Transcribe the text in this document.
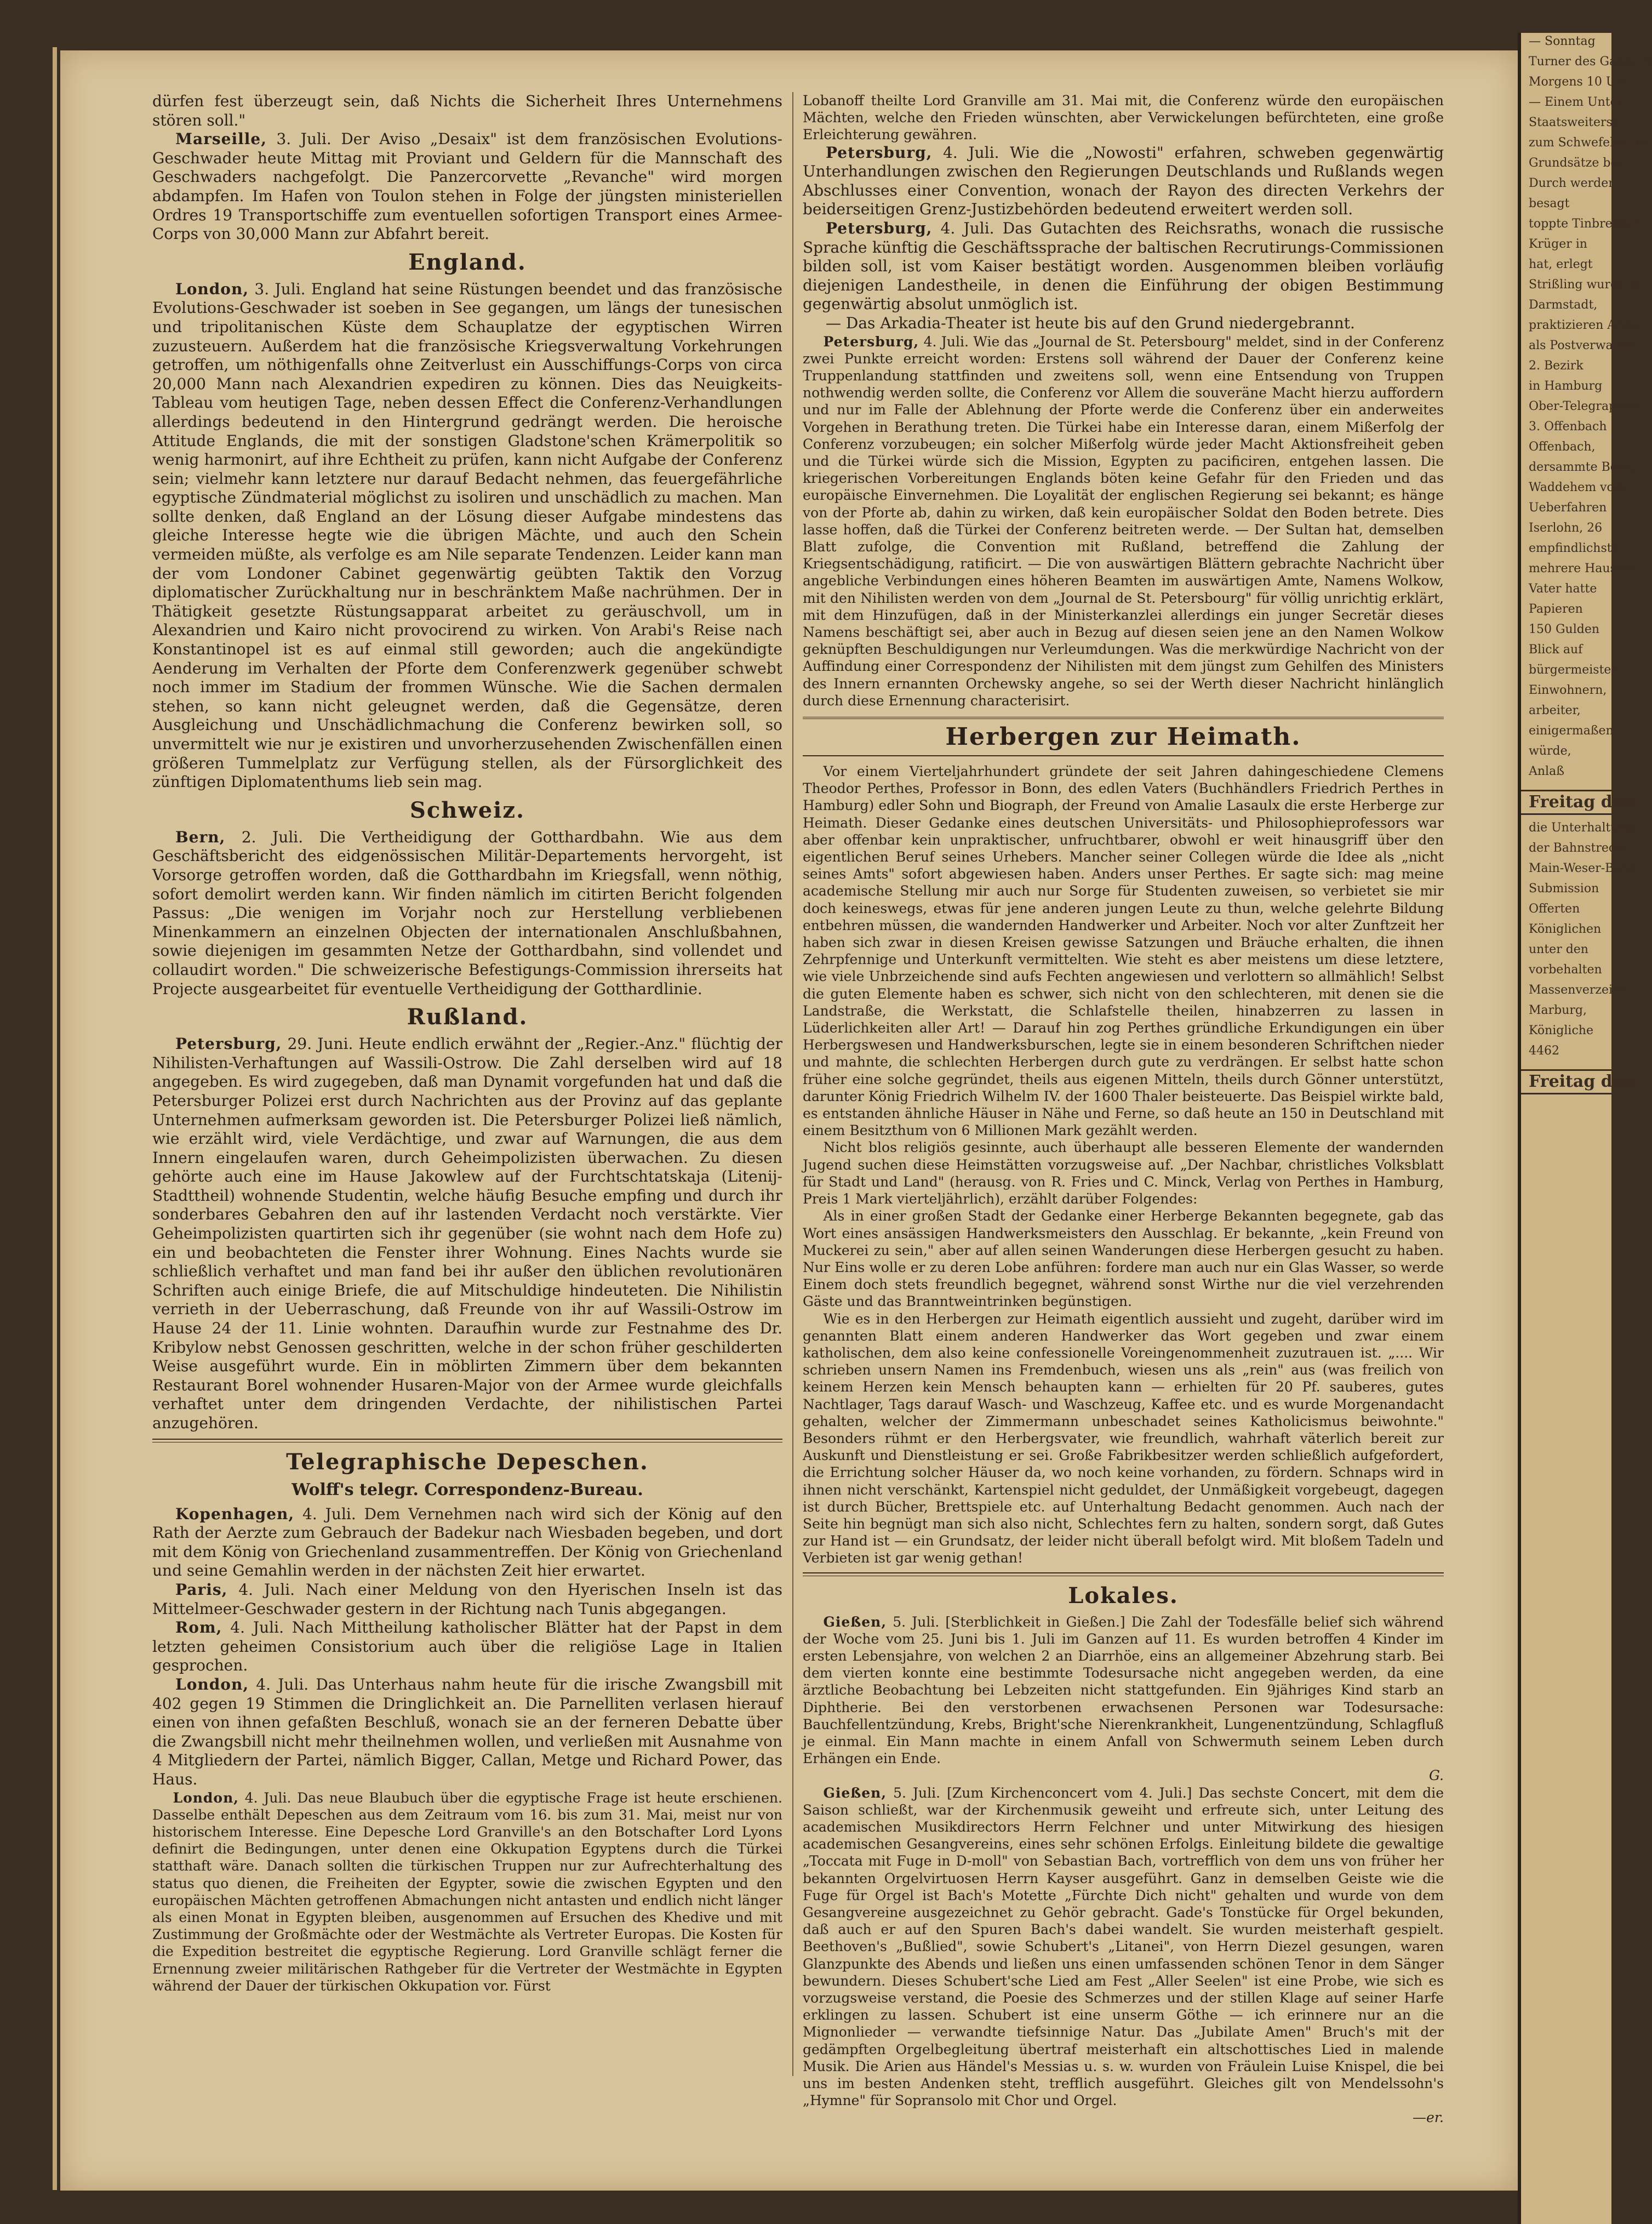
dürfen fest überzeugt sein, daß Nichts die Sicherheit Ihres Unternehmens stören soll."

Marseille, 3. Juli. Der Aviso „Desaix" ist dem französischen Evolutions-Geschwader heute Mittag mit Proviant und Geldern für die Mannschaft des Geschwaders nachgefolgt. Die Panzercorvette „Revanche" wird morgen abdampfen. Im Hafen von Toulon stehen in Folge der jüngsten ministeriellen Ordres 19 Transportschiffe zum eventuellen sofortigen Transport eines Armee-Corps von 30,000 Mann zur Abfahrt bereit.

England.

London, 3. Juli. England hat seine Rüstungen beendet und das französische Evolutions-Geschwader ist soeben in See gegangen, um längs der tunesischen und tripolitanischen Küste dem Schauplatze der egyptischen Wirren zuzusteuern. Außerdem hat die französische Kriegsverwaltung Vorkehrungen getroffen, um nöthigenfalls ohne Zeitverlust ein Ausschiffungs-Corps von circa 20,000 Mann nach Alexandrien expediren zu können. Dies das Neuigkeits-Tableau vom heutigen Tage, neben dessen Effect die Conferenz-Verhandlungen allerdings bedeutend in den Hintergrund gedrängt werden. Die heroische Attitude Englands, die mit der sonstigen Gladstone'schen Krämerpolitik so wenig harmonirt, auf ihre Echtheit zu prüfen, kann nicht Aufgabe der Conferenz sein; vielmehr kann letztere nur darauf Bedacht nehmen, das feuergefährliche egyptische Zündmaterial möglichst zu isoliren und unschädlich zu machen. Man sollte denken, daß England an der Lösung dieser Aufgabe mindestens das gleiche Interesse hegte wie die übrigen Mächte, und auch den Schein vermeiden müßte, als verfolge es am Nile separate Tendenzen. Leider kann man der vom Londoner Cabinet gegenwärtig geübten Taktik den Vorzug diplomatischer Zurückhaltung nur in beschränktem Maße nachrühmen. Der in Thätigkeit gesetzte Rüstungsapparat arbeitet zu geräuschvoll, um in Alexandrien und Kairo nicht provocirend zu wirken. Von Arabi's Reise nach Konstantinopel ist es auf einmal still geworden; auch die angekündigte Aenderung im Verhalten der Pforte dem Conferenzwerk gegenüber schwebt noch immer im Stadium der frommen Wünsche. Wie die Sachen dermalen stehen, so kann nicht geleugnet werden, daß die Gegensätze, deren Ausgleichung und Unschädlichmachung die Conferenz bewirken soll, so unvermittelt wie nur je existiren und unvorherzusehenden Zwischenfällen einen größeren Tummelplatz zur Verfügung stellen, als der Fürsorglichkeit des zünftigen Diplomatenthums lieb sein mag.

Schweiz.

Bern, 2. Juli. Die Vertheidigung der Gotthardbahn. Wie aus dem Geschäftsbericht des eidgenössischen Militär-Departements hervorgeht, ist Vorsorge getroffen worden, daß die Gotthardbahn im Kriegsfall, wenn nöthig, sofort demolirt werden kann. Wir finden nämlich im citirten Bericht folgenden Passus: „Die wenigen im Vorjahr noch zur Herstellung verbliebenen Minenkammern an einzelnen Objecten der internationalen Anschlußbahnen, sowie diejenigen im gesammten Netze der Gotthardbahn, sind vollendet und collaudirt worden." Die schweizerische Befestigungs-Commission ihrerseits hat Projecte ausgearbeitet für eventuelle Vertheidigung der Gotthardlinie.

Rußland.

Petersburg, 29. Juni. Heute endlich erwähnt der „Regier.-Anz." flüchtig der Nihilisten-Verhaftungen auf Wassili-Ostrow. Die Zahl derselben wird auf 18 angegeben. Es wird zugegeben, daß man Dynamit vorgefunden hat und daß die Petersburger Polizei erst durch Nachrichten aus der Provinz auf das geplante Unternehmen aufmerksam geworden ist. Die Petersburger Polizei ließ nämlich, wie erzählt wird, viele Verdächtige, und zwar auf Warnungen, die aus dem Innern eingelaufen waren, durch Geheimpolizisten überwachen. Zu diesen gehörte auch eine im Hause Jakowlew auf der Furchtschtatskaja (Litenij-Stadttheil) wohnende Studentin, welche häufig Besuche empfing und durch ihr sonderbares Gebahren den auf ihr lastenden Verdacht noch verstärkte. Vier Geheimpolizisten quartirten sich ihr gegenüber (sie wohnt nach dem Hofe zu) ein und beobachteten die Fenster ihrer Wohnung. Eines Nachts wurde sie schließlich verhaftet und man fand bei ihr außer den üblichen revolutionären Schriften auch einige Briefe, die auf Mitschuldige hindeuteten. Die Nihilistin verrieth in der Ueberraschung, daß Freunde von ihr auf Wassili-Ostrow im Hause 24 der 11. Linie wohnten. Daraufhin wurde zur Festnahme des Dr. Kribylow nebst Genossen geschritten, welche in der schon früher geschilderten Weise ausgeführt wurde. Ein in möblirten Zimmern über dem bekannten Restaurant Borel wohnender Husaren-Major von der Armee wurde gleichfalls verhaftet unter dem dringenden Verdachte, der nihilistischen Partei anzugehören.

Telegraphische Depeschen.
Wolff's telegr. Correspondenz-Bureau.

Kopenhagen, 4. Juli. Dem Vernehmen nach wird sich der König auf den Rath der Aerzte zum Gebrauch der Badekur nach Wiesbaden begeben, und dort mit dem König von Griechenland zusammentreffen. Der König von Griechenland und seine Gemahlin werden in der nächsten Zeit hier erwartet.

Paris, 4. Juli. Nach einer Meldung von den Hyerischen Inseln ist das Mittelmeer-Geschwader gestern in der Richtung nach Tunis abgegangen.

Rom, 4. Juli. Nach Mittheilung katholischer Blätter hat der Papst in dem letzten geheimen Consistorium auch über die religiöse Lage in Italien gesprochen.

London, 4. Juli. Das Unterhaus nahm heute für die irische Zwangsbill mit 402 gegen 19 Stimmen die Dringlichkeit an. Die Parnelliten verlasen hierauf einen von ihnen gefaßten Beschluß, wonach sie an der ferneren Debatte über die Zwangsbill nicht mehr theilnehmen wollen, und verließen mit Ausnahme von 4 Mitgliedern der Partei, nämlich Bigger, Callan, Metge und Richard Power, das Haus.

London, 4. Juli. Das neue Blaubuch über die egyptische Frage ist heute erschienen. Dasselbe enthält Depeschen aus dem Zeitraum vom 16. bis zum 31. Mai, meist nur von historischem Interesse. Eine Depesche Lord Granville's an den Botschafter Lord Lyons definirt die Bedingungen, unter denen eine Okkupation Egyptens durch die Türkei statthaft wäre. Danach sollten die türkischen Truppen nur zur Aufrechterhaltung des status quo dienen, die Freiheiten der Egypter, sowie die zwischen Egypten und den europäischen Mächten getroffenen Abmachungen nicht antasten und endlich nicht länger als einen Monat in Egypten bleiben, ausgenommen auf Ersuchen des Khedive und mit Zustimmung der Großmächte oder der Westmächte als Vertreter Europas. Die Kosten für die Expedition bestreitet die egyptische Regierung. Lord Granville schlägt ferner die Ernennung zweier militärischen Rathgeber für die Vertreter der Westmächte in Egypten während der Dauer der türkischen Okkupation vor. Fürst

Lobanoff theilte Lord Granville am 31. Mai mit, die Conferenz würde den europäischen Mächten, welche den Frieden wünschten, aber Verwickelungen befürchteten, eine große Erleichterung gewähren.

Petersburg, 4. Juli. Wie die „Nowosti" erfahren, schweben gegenwärtig Unterhandlungen zwischen den Regierungen Deutschlands und Rußlands wegen Abschlusses einer Convention, wonach der Rayon des directen Verkehrs der beiderseitigen Grenz-Justizbehörden bedeutend erweitert werden soll.

Petersburg, 4. Juli. Das Gutachten des Reichsraths, wonach die russische Sprache künftig die Geschäftssprache der baltischen Recrutirungs-Commissionen bilden soll, ist vom Kaiser bestätigt worden. Ausgenommen bleiben vorläufig diejenigen Landestheile, in denen die Einführung der obigen Bestimmung gegenwärtig absolut unmöglich ist.

— Das Arkadia-Theater ist heute bis auf den Grund niedergebrannt.

Petersburg, 4. Juli. Wie das „Journal de St. Petersbourg" meldet, sind in der Conferenz zwei Punkte erreicht worden: Erstens soll während der Dauer der Conferenz keine Truppenlandung stattfinden und zweitens soll, wenn eine Entsendung von Truppen nothwendig werden sollte, die Conferenz vor Allem die souveräne Macht hierzu auffordern und nur im Falle der Ablehnung der Pforte werde die Conferenz über ein anderweites Vorgehen in Berathung treten. Die Türkei habe ein Interesse daran, einem Mißerfolg der Conferenz vorzubeugen; ein solcher Mißerfolg würde jeder Macht Aktionsfreiheit geben und die Türkei würde sich die Mission, Egypten zu pacificiren, entgehen lassen. Die kriegerischen Vorbereitungen Englands böten keine Gefahr für den Frieden und das europäische Einvernehmen. Die Loyalität der englischen Regierung sei bekannt; es hänge von der Pforte ab, dahin zu wirken, daß kein europäischer Soldat den Boden betrete. Dies lasse hoffen, daß die Türkei der Conferenz beitreten werde. — Der Sultan hat, demselben Blatt zufolge, die Convention mit Rußland, betreffend die Zahlung der Kriegsentschädigung, ratificirt. — Die von auswärtigen Blättern gebrachte Nachricht über angebliche Verbindungen eines höheren Beamten im auswärtigen Amte, Namens Wolkow, mit den Nihilisten werden von dem „Journal de St. Petersbourg" für völlig unrichtig erklärt, mit dem Hinzufügen, daß in der Ministerkanzlei allerdings ein junger Secretär dieses Namens beschäftigt sei, aber auch in Bezug auf diesen seien jene an den Namen Wolkow geknüpften Beschuldigungen nur Verleumdungen. Was die merkwürdige Nachricht von der Auffindung einer Correspondenz der Nihilisten mit dem jüngst zum Gehilfen des Ministers des Innern ernannten Orchewsky angehe, so sei der Werth dieser Nachricht hinlänglich durch diese Ernennung characterisirt.

Herbergen zur Heimath.

Vor einem Vierteljahrhundert gründete der seit Jahren dahingeschiedene Clemens Theodor Perthes, Professor in Bonn, des edlen Vaters (Buchhändlers Friedrich Perthes in Hamburg) edler Sohn und Biograph, der Freund von Amalie Lasaulx die erste Herberge zur Heimath. Dieser Gedanke eines deutschen Universitäts- und Philosophieprofessors war aber offenbar kein unpraktischer, unfruchtbarer, obwohl er weit hinausgriff über den eigentlichen Beruf seines Urhebers. Mancher seiner Collegen würde die Idee als „nicht seines Amts" sofort abgewiesen haben. Anders unser Perthes. Er sagte sich: mag meine academische Stellung mir auch nur Sorge für Studenten zuweisen, so verbietet sie mir doch keineswegs, etwas für jene anderen jungen Leute zu thun, welche gelehrte Bildung entbehren müssen, die wandernden Handwerker und Arbeiter. Noch vor alter Zunftzeit her haben sich zwar in diesen Kreisen gewisse Satzungen und Bräuche erhalten, die ihnen Zehrpfennige und Unterkunft vermittelten. Wie steht es aber meistens um diese letztere, wie viele Unbrzeichende sind aufs Fechten angewiesen und verlottern so allmählich! Selbst die guten Elemente haben es schwer, sich nicht von den schlechteren, mit denen sie die Landstraße, die Werkstatt, die Schlafstelle theilen, hinabzerren zu lassen in Lüderlichkeiten aller Art! — Darauf hin zog Perthes gründliche Erkundigungen ein über Herbergswesen und Handwerksburschen, legte sie in einem besonderen Schriftchen nieder und mahnte, die schlechten Herbergen durch gute zu verdrängen. Er selbst hatte schon früher eine solche gegründet, theils aus eigenen Mitteln, theils durch Gönner unterstützt, darunter König Friedrich Wilhelm IV. der 1600 Thaler beisteuerte. Das Beispiel wirkte bald, es entstanden ähnliche Häuser in Nähe und Ferne, so daß heute an 150 in Deutschland mit einem Besitzthum von 6 Millionen Mark gezählt werden.

Nicht blos religiös gesinnte, auch überhaupt alle besseren Elemente der wandernden Jugend suchen diese Heimstätten vorzugsweise auf. „Der Nachbar, christliches Volksblatt für Stadt und Land" (herausg. von R. Fries und C. Minck, Verlag von Perthes in Hamburg, Preis 1 Mark vierteljährlich), erzählt darüber Folgendes:

Als in einer großen Stadt der Gedanke einer Herberge Bekannten begegnete, gab das Wort eines ansässigen Handwerksmeisters den Ausschlag. Er bekannte, „kein Freund von Muckerei zu sein," aber auf allen seinen Wanderungen diese Herbergen gesucht zu haben. Nur Eins wolle er zu deren Lobe anführen: fordere man auch nur ein Glas Wasser, so werde Einem doch stets freundlich begegnet, während sonst Wirthe nur die viel verzehrenden Gäste und das Branntweintrinken begünstigen.

Wie es in den Herbergen zur Heimath eigentlich aussieht und zugeht, darüber wird im genannten Blatt einem anderen Handwerker das Wort gegeben und zwar einem katholischen, dem also keine confessionelle Voreingenommenheit zuzutrauen ist. „.... Wir schrieben unsern Namen ins Fremdenbuch, wiesen uns als „rein" aus (was freilich von keinem Herzen kein Mensch behaupten kann — erhielten für 20 Pf. sauberes, gutes Nachtlager, Tags darauf Wasch- und Waschzeug, Kaffee etc. und es wurde Morgenandacht gehalten, welcher der Zimmermann unbeschadet seines Katholicismus beiwohnte." Besonders rühmt er den Herbergsvater, wie freundlich, wahrhaft väterlich bereit zur Auskunft und Dienstleistung er sei. Große Fabrikbesitzer werden schließlich aufgefordert, die Errichtung solcher Häuser da, wo noch keine vorhanden, zu fördern. Schnaps wird in ihnen nicht verschänkt, Kartenspiel nicht geduldet, der Unmäßigkeit vorgebeugt, dagegen ist durch Bücher, Brettspiele etc. auf Unterhaltung Bedacht genommen. Auch nach der Seite hin begnügt man sich also nicht, Schlechtes fern zu halten, sondern sorgt, daß Gutes zur Hand ist — ein Grundsatz, der leider nicht überall befolgt wird. Mit bloßem Tadeln und Verbieten ist gar wenig gethan!

Lokales.

Gießen, 5. Juli. [Sterblichkeit in Gießen.] Die Zahl der Todesfälle belief sich während der Woche vom 25. Juni bis 1. Juli im Ganzen auf 11. Es wurden betroffen 4 Kinder im ersten Lebensjahre, von welchen 2 an Diarrhöe, eins an allgemeiner Abzehrung starb. Bei dem vierten konnte eine bestimmte Todesursache nicht angegeben werden, da eine ärztliche Beobachtung bei Lebzeiten nicht stattgefunden. Ein 9jähriges Kind starb an Diphtherie. Bei den verstorbenen erwachsenen Personen war Todesursache: Bauchfellentzündung, Krebs, Bright'sche Nierenkrankheit, Lungenentzündung, Schlagfluß je einmal. Ein Mann machte in einem Anfall von Schwermuth seinem Leben durch Erhängen ein Ende.

G.

Gießen, 5. Juli. [Zum Kirchenconcert vom 4. Juli.] Das sechste Concert, mit dem die Saison schließt, war der Kirchenmusik geweiht und erfreute sich, unter Leitung des academischen Musikdirectors Herrn Felchner und unter Mitwirkung des hiesigen academischen Gesangvereins, eines sehr schönen Erfolgs. Einleitung bildete die gewaltige „Toccata mit Fuge in D-moll" von Sebastian Bach, vortrefflich von dem uns von früher her bekannten Orgelvirtuosen Herrn Kayser ausgeführt. Ganz in demselben Geiste wie die Fuge für Orgel ist Bach's Motette „Fürchte Dich nicht" gehalten und wurde von dem Gesangvereine ausgezeichnet zu Gehör gebracht. Gade's Tonstücke für Orgel bekunden, daß auch er auf den Spuren Bach's dabei wandelt. Sie wurden meisterhaft gespielt. Beethoven's „Bußlied", sowie Schubert's „Litanei", von Herrn Diezel gesungen, waren Glanzpunkte des Abends und ließen uns einen umfassenden schönen Tenor in dem Sänger bewundern. Dieses Schubert'sche Lied am Fest „Aller Seelen" ist eine Probe, wie sich es vorzugsweise verstand, die Poesie des Schmerzes und der stillen Klage auf seiner Harfe erklingen zu lassen. Schubert ist eine unserm Göthe — ich erinnere nur an die Mignonlieder — verwandte tiefsinnige Natur. Das „Jubilate Amen" Bruch's mit der gedämpften Orgelbegleitung übertraf meisterhaft ein altschottisches Lied in malende Musik. Die Arien aus Händel's Messias u. s. w. wurden von Fräulein Luise Knispel, die bei uns im besten Andenken steht, trefflich ausgeführt. Gleiches gilt von Mendelssohn's „Hymne" für Sopransolo mit Chor und Orgel.

—er.

— Sonntag

Turner des Gaues H

Morgens 10 Uhr

— Einem Unter

Staatsweiterst

zum Schwefelsäure

Grundsätze bes

Durch werden

besagt

toppte Tinbrecher

Krüger in

hat, erlegt

Strißling wurde in

Darmstadt,

praktizieren Arzte

als Postverwalter,

2. Bezirk

in Hamburg

Ober-Telegraphen

3. Offenbach

Offenbach,

dersammte Bend,

Waddehem vom

Ueberfahren

Iserlohn, 26

empfindlichste

mehrere Hausens

Vater hatte

Papieren

150 Gulden

Blick auf

bürgermeister

Einwohnern,

arbeiter,

einigermaßen

würde,

Anlaß

Freitag den

die Unterhaltung

der Bahnstrecke

Main-Weser-Bahn

Submission

Offerten

Königlichen

unter den

vorbehalten

Massenverzeich

Marburg,

Königliche

4462

Freitag den
